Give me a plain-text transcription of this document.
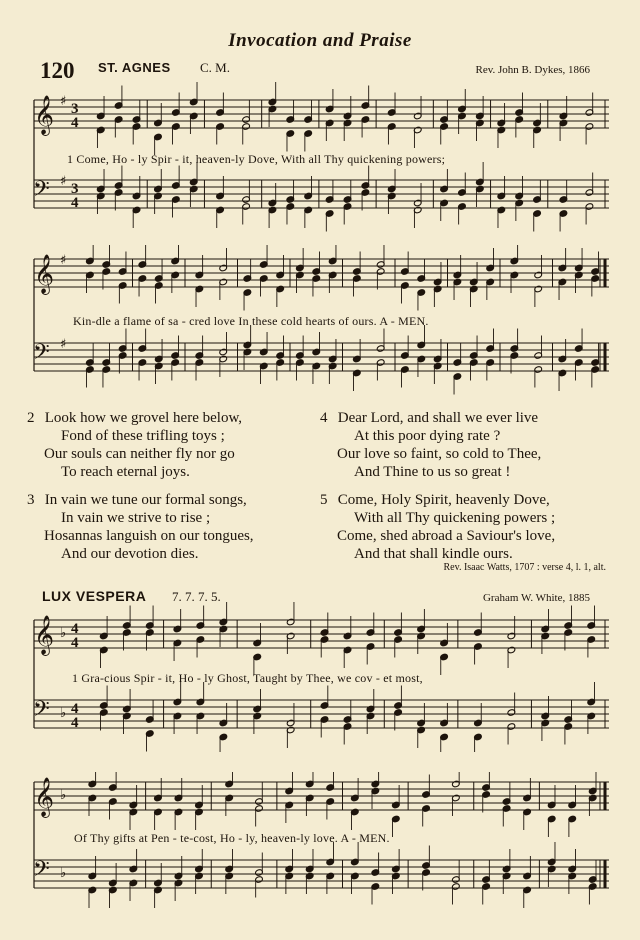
Invocation and Praise
120 ST. AGNES C. M.	Rev. John B. Dykes, 1866
𝄞 ♯ 3
4
𝄢 ♯ 3
4
1 Come, Ho - ly Spir - it, heaven-ly Dove, With all Thy quickening powers;
𝄞 ♯
𝄢 ♯
Kin-dle a flame of sa - cred love In these cold hearts of ours. A - MEN.
2 Look how we grovel here below,
Fond of these trifling toys ;
Our souls can neither fly nor go
To reach eternal joys.
3 In vain we tune our formal songs,
In vain we strive to rise ;
Hosannas languish on our tongues,
And our devotion dies.
4 Dear Lord, and shall we ever live
At this poor dying rate ?
Our love so faint, so cold to Thee,
And Thine to us so great !
5 Come, Holy Spirit, heavenly Dove,
With all Thy quickening powers ;
Come, shed abroad a Saviour's love,
And that shall kindle ours.
Rev. Isaac Watts, 1707 : verse 4, l. 1, alt.
LUX VESPERA 7. 7. 7. 5.	Graham W. White, 1885
𝄞 ♭ 4
4
𝄢 ♭ 4
4
1 Gra-cious Spir - it, Ho - ly Ghost, Taught by Thee, we cov - et most,
𝄞 ♭
𝄢 ♭
Of Thy gifts at Pen - te-cost, Ho - ly, heaven-ly love. A - MEN.
